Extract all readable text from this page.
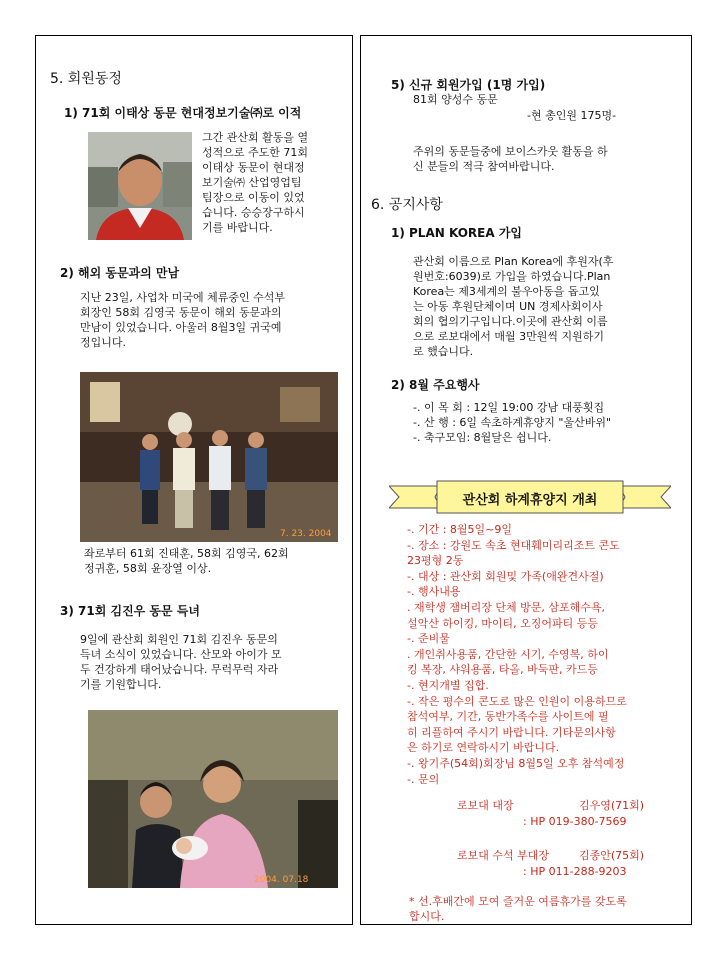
5. 회원동정
1) 71회 이태상 동문 현대정보기술㈜로 이적
그간 관산회 활동을 열
성적으로 주도한 71회
이태상 동문이 현대정
보기술㈜ 산업영업팀
팀장으로 이동이 있었
습니다. 승승장구하시
기를 바랍니다.
2) 해외 동문과의 만남
지난 23일, 사업차 미국에 체류중인 수석부
회장인 58회 김영국 동문이 해외 동문과의
만남이 있었습니다. 아울러 8월3일 귀국예
정입니다.
7. 23. 2004
좌로부터 61회 진태훈, 58회 김영국, 62회
정귀훈, 58회 윤장열 이상.
3) 71회 김진우 동문 득녀
9일에 관산회 회원인 71회 김진우 동문의
득녀 소식이 있었습니다. 산모와 아이가 모
두 건강하게 태어났습니다. 무럭무럭 자라
기를 기원합니다.
2004. 07.18
5) 신규 회원가입 (1명 가입)
81회 양성수 동문
-현 총인원 175명-
주위의 동문들중에 보이스카웃 활동을 하
신 분들의 적극 참여바랍니다.
6. 공지사항
1) PLAN KOREA 가입
관산회 이름으로 Plan Korea에 후원자(후
원번호:6039)로 가입을 하였습니다.Plan
Korea는 제3세계의 불우아동을 돕고있
는 아동 후원단체이며 UN 경제사회이사
회의 협의기구입니다.이곳에 관산회 이름
으로 로보대에서 매월 3만원씩 지원하기
로 했습니다.
2) 8월 주요행사
-. 이 목 회 : 12일 19:00 강남 대풍횟집
-. 산 행 : 6일 속초하계휴양지 "울산바위"
-. 축구모임: 8월달은 쉽니다.
관산회 하계휴양지 개최
-. 기간 : 8월5일~9일
-. 장소 : 강원도 속초 현대훼미리리조트 콘도
23평형 2동
-. 대상 : 관산회 회원및 가족(애완견사절)
-. 행사내용
. 재학생 잼버리장 단체 방문, 삼포해수욕,
설악산 하이킹, 마이티, 오징어파티 등등
-. 준비물
. 개인취사용품, 간단한 시기, 수영복, 하이
킹 복장, 샤워용품, 타올, 바둑판, 카드등
-. 현지개별 집합.
-. 작은 평수의 콘도로 많은 인원이 이용하므로
참석여부, 기간, 동반가족수를 사이트에 필
히 리플하여 주시기 바랍니다. 기타문의사항
은 하기로 연락하시기 바랍니다.
-. 왕기주(54회)회장님 8월5일 오후 참석예정
-. 문의
로보대 대장	김우영(71회)
: HP 019-380-7569
로보대 수석 부대장	김종안(75회)
: HP 011-288-9203
* 선.후배간에 모여 즐거운 여름휴가를 갖도록
합시다.
